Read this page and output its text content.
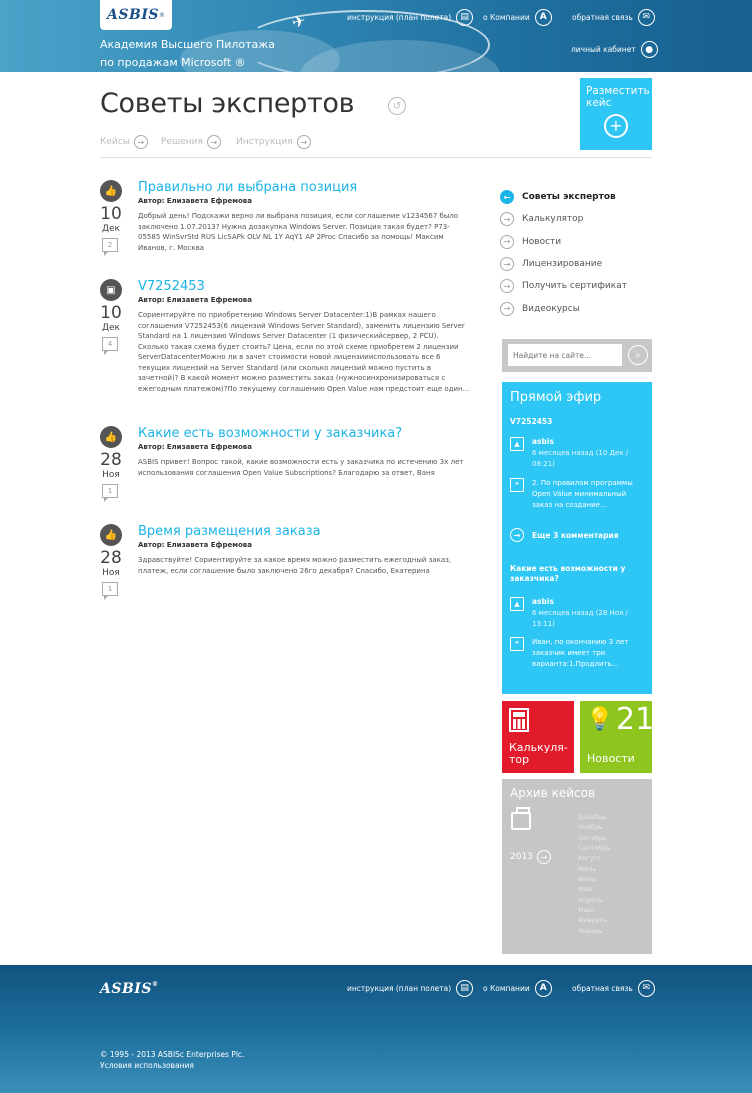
✈
ASBIS ®
Академия Высшего Пилотажа
по продажам Microsoft ®
инструкция (план полета)	▤	о Компании	A	обратная связь	✉
личный кабинет	●
Советы экспертов	↺
Кейсы →	Решения →	Инструкция →
Разместить кейс
+
👍
10
Дек
2
Правильно ли выбрана позиция
Автор: Елизавета Ефремова
Добрый день! Подскажи верно ли выбрана позиция, если соглашение v1234567 было заключено 1.07.2013? Нужна дозакупка Windows Server. Позиция такая будет? P73-05585 WinSvrStd RUS LicSAPk OLV NL 1Y AqY1 AP 2Proc Спасибо за помощь! Максим Иванов, г. Москва
▣
10
Дек
4
V7252453
Автор: Елизавета Ефремова
Сориентируйте по приобретению Windows Server Datacenter:1)В рамках нашего соглашения V7252453(6 лицензий Windows Server Standard), заменить лицензию Server Standard на 1 лицензию Windows Server Datacenter (1 физическийсервер, 2 PCU). Сколько такая схема будет стоить? Цена, если по этой схеме приобретем 2 лицензии ServerDatacenterМожно ли в зачет стоимости новой лицензиииспользовать все 6 текущих лицензий на Server Standard (или сколько лицензий можно пустить в зачетной)? В какой момент можно разместить заказ (нужносинхронизироваться с ежегодным платежом)?По текущему соглашению Open Value нам предстоит еще один...
👍
28
Ноя
1
Какие есть возможности у заказчика?
Автор: Елизавета Ефремова
ASBIS привет! Вопрос такой, какие возможности есть у заказчика по истечению 3х лет использования соглашения Open Value Subscriptions? Благодарю за ответ, Ваня
👍
28
Ноя
1
Время размещения заказа
Автор: Елизавета Ефремова
Здравствуйте! Сориентируйте за какое время можно разместить ежегодный заказ, платеж, если соглашение было заключено 26го декабря? Спасибо, Екатерина
←	Советы экспертов
→	Калькулятор
→	Новости
→	Лицензирование
→	Получить сертификат
→	Видеокурсы
Найдите на сайте...
⌕
Прямой эфир
V7252453
▲	asbis
6 месяцев назад (10 Дек / 08:21)
❝	2. По правилам программы Open Value минимальный заказ на создание...
→	Еще 3 комментария
Какие есть возможности у заказчика?
▲	asbis
6 месяцев назад (28 Ноя / 13:11)
❝	Иван, по окончанию 3 лет заказчик имеет три варианта:1.Продлить...
Калькуля-тор
💡 21
Новости
Архив кейсов
2013 →
Декабрь
Ноябрь
Октябрь
Сентябрь
Август
Июль
Июнь
Май
Апрель
Март
Февраль
Январь
ASBIS®	инструкция (план полета)	▤	о Компании	A	обратная связь	✉
© 1995 - 2013 ASBISc Enterprises Plc.
Условия использования
